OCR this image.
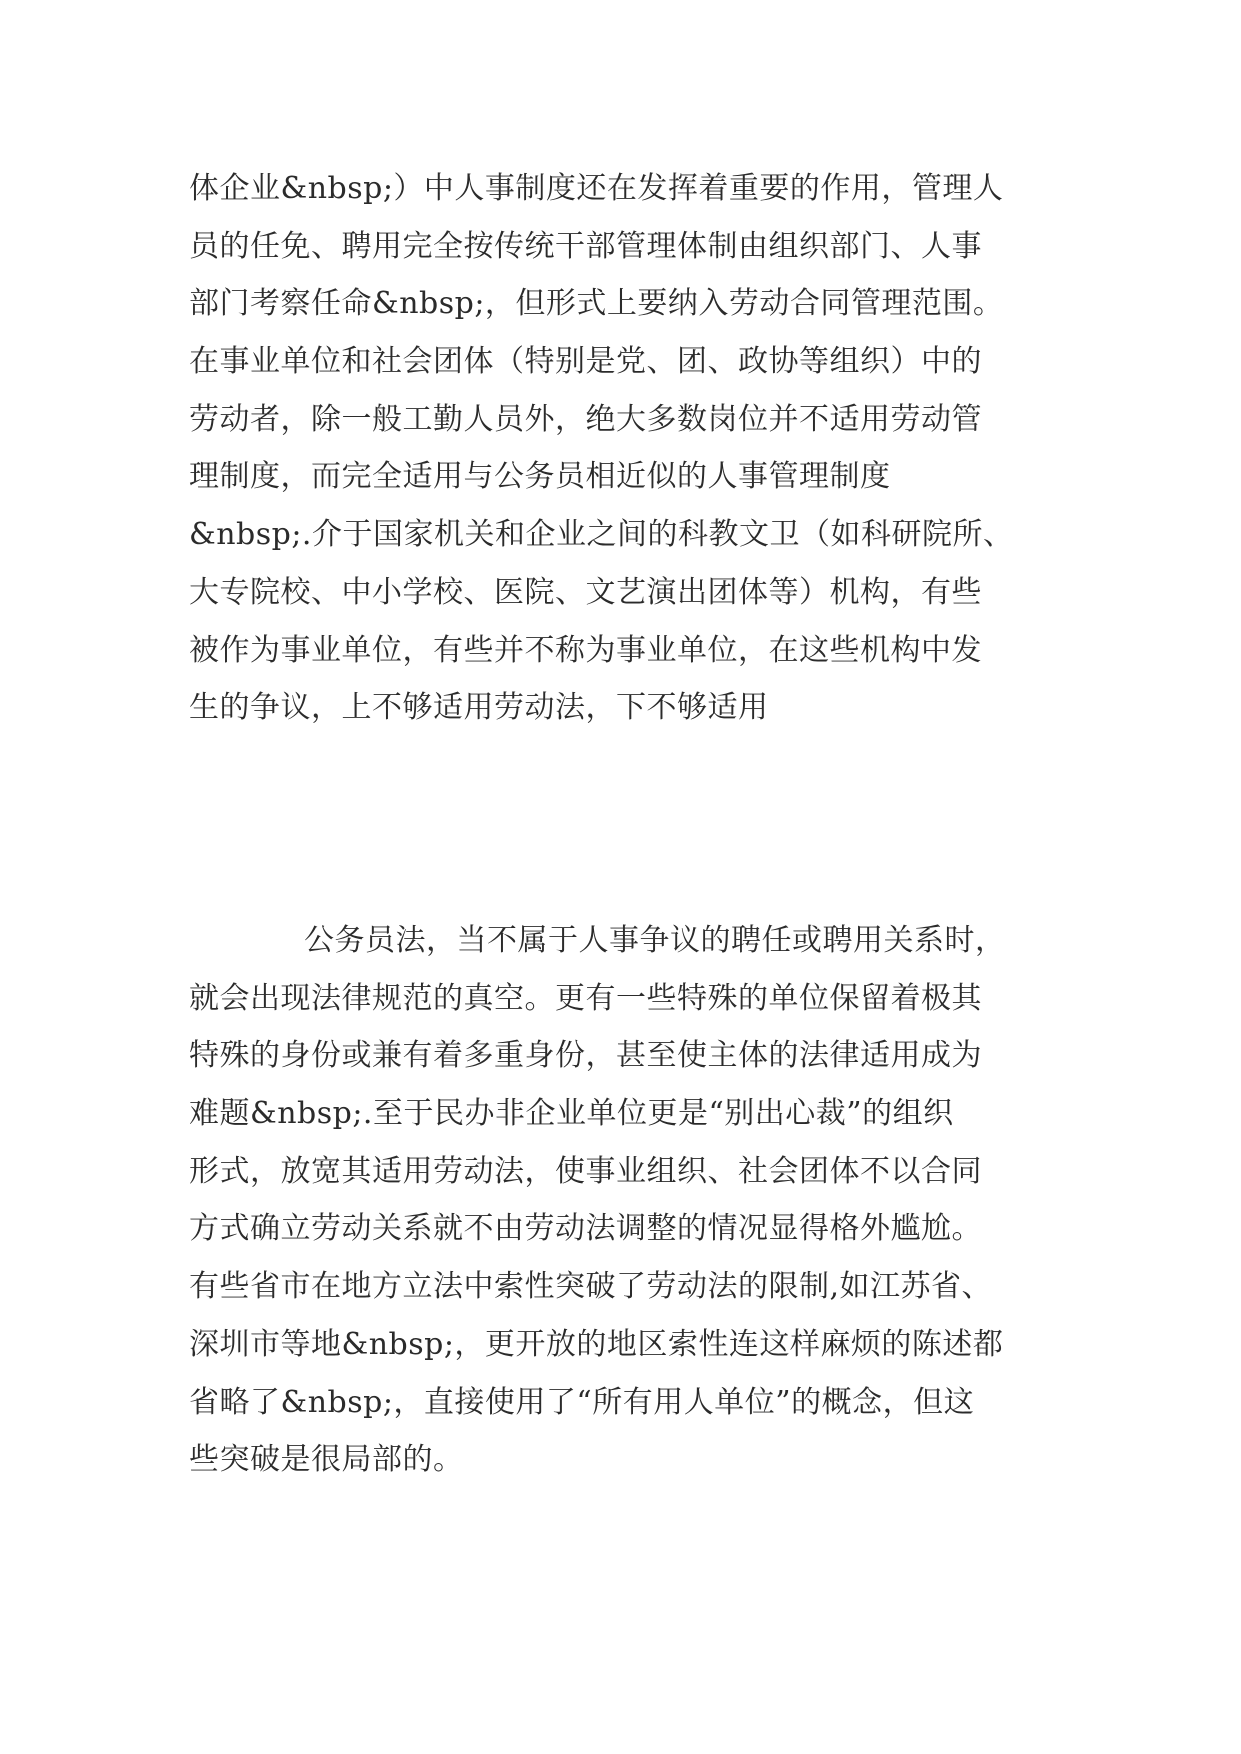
体企业&nbsp;）中人事制度还在发挥着重要的作用，管理人
员的任免、聘用完全按传统干部管理体制由组织部门、人事
部门考察任命&nbsp;，但形式上要纳入劳动合同管理范围。
在事业单位和社会团体（特别是党、团、政协等组织）中的
劳动者，除一般工勤人员外，绝大多数岗位并不适用劳动管
理制度，而完全适用与公务员相近似的人事管理制度
&nbsp;.介于国家机关和企业之间的科教文卫（如科研院所、
大专院校、中小学校、医院、文艺演出团体等）机构，有些
被作为事业单位，有些并不称为事业单位，在这些机构中发
生的争议，上不够适用劳动法，下不够适用
公务员法，当不属于人事争议的聘任或聘用关系时，
就会出现法律规范的真空。更有一些特殊的单位保留着极其
特殊的身份或兼有着多重身份，甚至使主体的法律适用成为
难题&nbsp;.至于民办非企业单位更是“别出心裁”的组织
形式，放宽其适用劳动法，使事业组织、社会团体不以合同
方式确立劳动关系就不由劳动法调整的情况显得格外尴尬。
有些省市在地方立法中索性突破了劳动法的限制,如江苏省、
深圳市等地&nbsp;，更开放的地区索性连这样麻烦的陈述都
省略了&nbsp;，直接使用了“所有用人单位”的概念，但这
些突破是很局部的。
